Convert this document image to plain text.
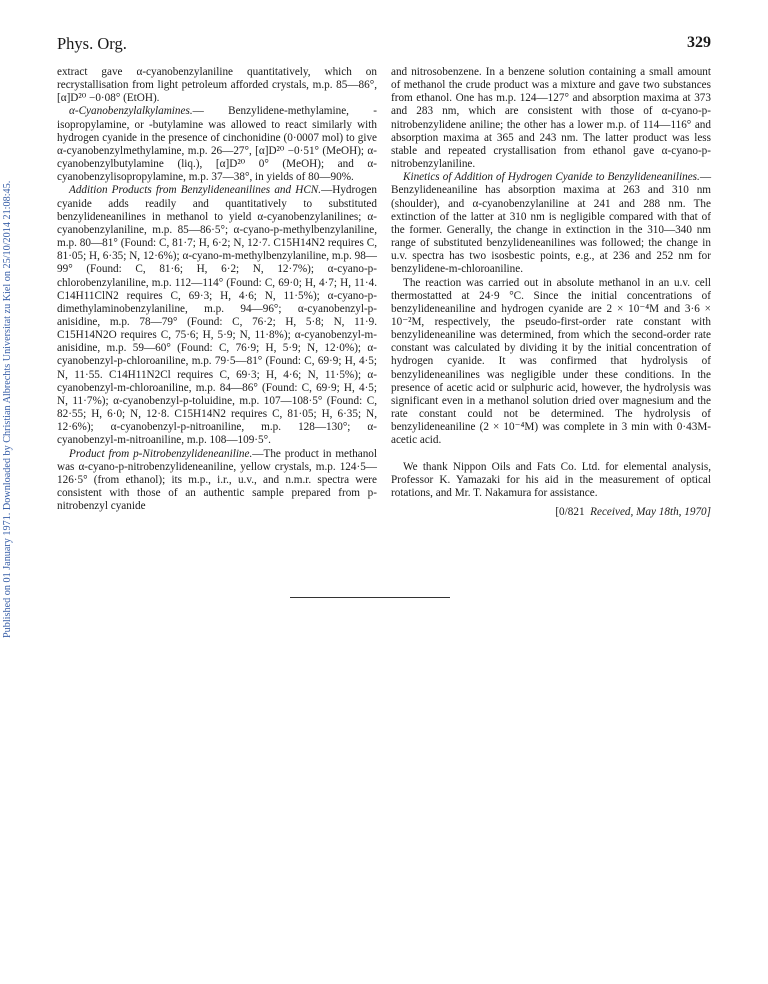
Phys. Org.	329
Published on 01 January 1971. Downloaded by Christian Albrechts Universitat zu Kiel on 25/10/2014 21:08:45.

extract gave α-cyanobenzylaniline quantitatively, which on recrystallisation from light petroleum afforded crystals, m.p. 85—86°, [α]D²⁰ −0·08° (EtOH).

α-Cyanobenzylalkylamines.— Benzylidene-methylamine, -isopropylamine, or -butylamine was allowed to react similarly with hydrogen cyanide in the presence of cinchonidine (0·0007 mol) to give α-cyanobenzylmethylamine, m.p. 26—27°, [α]D²⁰ −0·51° (MeOH); α-cyanobenzylbutylamine (liq.), [α]D²⁰ 0° (MeOH); and α-cyanobenzylisopropylamine, m.p. 37—38°, in yields of 80—90%.

Addition Products from Benzylideneanilines and HCN.—Hydrogen cyanide adds readily and quantitatively to substituted benzylideneanilines in methanol to yield α-cyanobenzylanilines; α-cyanobenzylaniline, m.p. 85—86·5°; α-cyano-p-methylbenzylaniline, m.p. 80—81° (Found: C, 81·7; H, 6·2; N, 12·7. C15H14N2 requires C, 81·05; H, 6·35; N, 12·6%); α-cyano-m-methylbenzylaniline, m.p. 98—99° (Found: C, 81·6; H, 6·2; N, 12·7%); α-cyano-p-chlorobenzylaniline, m.p. 112—114° (Found: C, 69·0; H, 4·7; H, 11·4. C14H11ClN2 requires C, 69·3; H, 4·6; N, 11·5%); α-cyano-p-dimethylaminobenzylaniline, m.p. 94—96°; α-cyanobenzyl-p-anisidine, m.p. 78—79° (Found: C, 76·2; H, 5·8; N, 11·9. C15H14N2O requires C, 75·6; H, 5·9; N, 11·8%); α-cyanobenzyl-m-anisidine, m.p. 59—60° (Found: C, 76·9; H, 5·9; N, 12·0%); α-cyanobenzyl-p-chloroaniline, m.p. 79·5—81° (Found: C, 69·9; H, 4·5; N, 11·55. C14H11N2Cl requires C, 69·3; H, 4·6; N, 11·5%); α-cyanobenzyl-m-chloroaniline, m.p. 84—86° (Found: C, 69·9; H, 4·5; N, 11·7%); α-cyanobenzyl-p-toluidine, m.p. 107—108·5° (Found: C, 82·55; H, 6·0; N, 12·8. C15H14N2 requires C, 81·05; H, 6·35; N, 12·6%); α-cyanobenzyl-p-nitroaniline, m.p. 128—130°; α-cyanobenzyl-m-nitroaniline, m.p. 108—109·5°.

Product from p-Nitrobenzylideneaniline.—The product in methanol was α-cyano-p-nitrobenzylideneaniline, yellow crystals, m.p. 124·5—126·5° (from ethanol); its m.p., i.r., u.v., and n.m.r. spectra were consistent with those of an authentic sample prepared from p-nitrobenzyl cyanide

and nitrosobenzene. In a benzene solution containing a small amount of methanol the crude product was a mixture and gave two substances from ethanol. One has m.p. 124—127° and absorption maxima at 373 and 283 nm, which are consistent with those of α-cyano-p-nitrobenzylidene aniline; the other has a lower m.p. of 114—116° and absorption maxima at 365 and 243 nm. The latter product was less stable and repeated crystallisation from ethanol gave α-cyano-p-nitrobenzylaniline.

Kinetics of Addition of Hydrogen Cyanide to Benzylideneanilines.—Benzylideneaniline has absorption maxima at 263 and 310 nm (shoulder), and α-cyanobenzylaniline at 241 and 288 nm. The extinction of the latter at 310 nm is negligible compared with that of the former. Generally, the change in extinction in the 310—340 nm range of substituted benzylideneanilines was followed; the change in u.v. spectra has two isosbestic points, e.g., at 236 and 252 nm for benzylidene-m-chloroaniline.

The reaction was carried out in absolute methanol in an u.v. cell thermostatted at 24·9 °C. Since the initial concentrations of benzylideneaniline and hydrogen cyanide are 2 × 10⁻⁴M and 3·6 × 10⁻²M, respectively, the pseudo-first-order rate constant with benzylideneaniline was determined, from which the second-order rate constant was calculated by dividing it by the initial concentration of hydrogen cyanide. It was confirmed that hydrolysis of benzylideneanilines was negligible under these conditions. In the presence of acetic acid or sulphuric acid, however, the hydrolysis was significant even in a methanol solution dried over magnesium and the rate constant could not be determined. The hydrolysis of benzylideneaniline (2 × 10⁻⁴M) was complete in 3 min with 0·43M-acetic acid.

We thank Nippon Oils and Fats Co. Ltd. for elemental analysis, Professor K. Yamazaki for his aid in the measurement of optical rotations, and Mr. T. Nakamura for assistance.

[0/821 Received, May 18th, 1970]
